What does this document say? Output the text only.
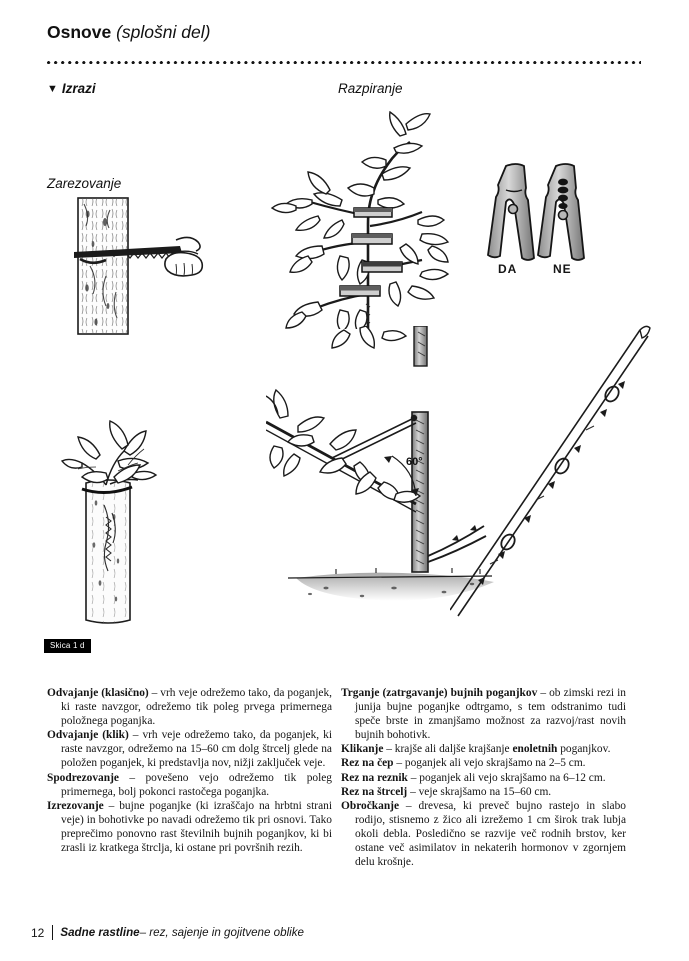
Osnove (splošni del)
▼ Izrazi	Razpiranje
Zarezovanje
DA	NE
60°
Skica 1 d

Odvajanje (klasično) – vrh veje odrežemo tako, da poganjek, ki raste navzgor, odrežemo tik poleg prvega primernega položnega poganjka.

Odvajanje (klik) – vrh veje odrežemo tako, da poganjek, ki raste navzgor, odrežemo na 15–60 cm dolg štrcelj glede na položen poganjek, ki predstavlja nov, nižji zaključek veje.

Spodrezovanje – povešeno vejo odrežemo tik poleg primernega, bolj pokonci rastočega poganjka.

Izrezovanje – bujne poganjke (ki izraščajo na hrbtni strani veje) in bohotivke po navadi odrežemo tik pri osnovi. Tako preprečimo ponovno rast številnih bujnih poganjkov, ki bi zrasli iz kratkega štrclja, ki ostane pri površnih rezih.

Trganje (zatrgavanje) bujnih poganjkov – ob zimski rezi in junija bujne poganjke odtrgamo, s tem odstranimo tudi speče brste in zmanjšamo možnost za razvoj/rast novih bujnih bohotivk.

Klikanje – krajše ali daljše krajšanje enoletnih poganjkov.

Rez na čep – poganjek ali vejo skrajšamo na 2–5 cm.

Rez na reznik – poganjek ali vejo skrajšamo na 6–12 cm.

Rez na štrcelj – veje skrajšamo na 15–60 cm.

Obročkanje – drevesa, ki preveč bujno rastejo in slabo rodijo, stisnemo z žico ali izrežemo 1 cm širok trak lubja okoli debla. Posledično se razvije več rodnih brstov, ker ostane več asimilatov in nekaterih hormonov v zgornjem delu krošnje.

12 Sadne rastline – rez, sajenje in gojitvene oblike
